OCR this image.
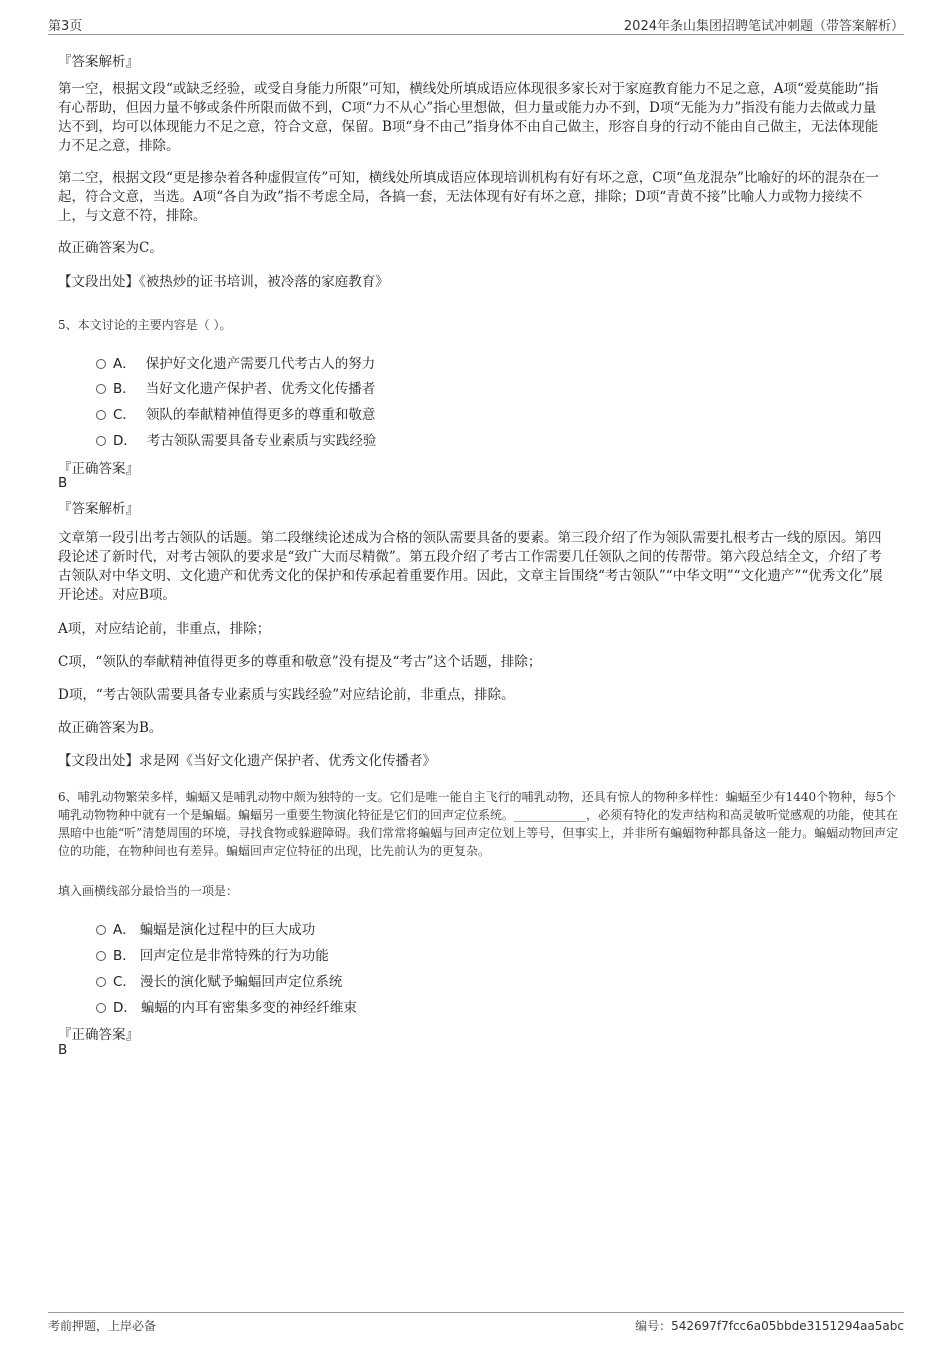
第3页	2024年条山集团招聘笔试冲刺题（带答案解析）
『答案解析』

第一空，根据文段“或缺乏经验，或受自身能力所限”可知，横线处所填成语应体现很多家长对于家庭教育能力不足之意，A项“爱莫能助”指有心帮助，但因力量不够或条件所限而做不到，C项“力不从心”指心里想做，但力量或能力办不到，D项“无能为力”指没有能力去做或力量达不到，均可以体现能力不足之意，符合文意，保留。B项“身不由己”指身体不由自己做主，形容自身的行动不能由自己做主，无法体现能力不足之意，排除。

第二空，根据文段“更是掺杂着各种虚假宣传”可知，横线处所填成语应体现培训机构有好有坏之意，C项“鱼龙混杂”比喻好的坏的混杂在一起，符合文意，当选。A项“各自为政”指不考虑全局，各搞一套，无法体现有好有坏之意，排除；D项“青黄不接”比喻人力或物力接续不上，与文意不符，排除。

故正确答案为C。

【文段出处】《被热炒的证书培训，被冷落的家庭教育》

5、本文讨论的主要内容是（ ）。

A． 保护好文化遗产需要几代考古人的努力
B． 当好文化遗产保护者、优秀文化传播者
C． 领队的奉献精神值得更多的尊重和敬意
D． 考古领队需要具备专业素质与实践经验
『正确答案』
B
『答案解析』

文章第一段引出考古领队的话题。第二段继续论述成为合格的领队需要具备的要素。第三段介绍了作为领队需要扎根考古一线的原因。第四段论述了新时代，对考古领队的要求是“致广大而尽精微”。第五段介绍了考古工作需要几任领队之间的传帮带。第六段总结全文，介绍了考古领队对中华文明、文化遗产和优秀文化的保护和传承起着重要作用。因此，文章主旨围绕“考古领队”“中华文明”“文化遗产”“优秀文化”展开论述。对应B项。

A项，对应结论前，非重点，排除；

C项，“领队的奉献精神值得更多的尊重和敬意”没有提及“考古”这个话题，排除；

D项，“考古领队需要具备专业素质与实践经验”对应结论前，非重点，排除。

故正确答案为B。

【文段出处】求是网《当好文化遗产保护者、优秀文化传播者》

6、哺乳动物繁荣多样，蝙蝠又是哺乳动物中颇为独特的一支。它们是唯一能自主飞行的哺乳动物，还具有惊人的物种多样性：蝙蝠至少有1440个物种，每5个哺乳动物物种中就有一个是蝙蝠。蝙蝠另一重要生物演化特征是它们的回声定位系统。____________，必须有特化的发声结构和高灵敏听觉感观的功能，使其在黑暗中也能“听”清楚周围的环境，寻找食物或躲避障碍。我们常常将蝙蝠与回声定位划上等号，但事实上，并非所有蝙蝠物种都具备这一能力。蝙蝠动物回声定位的功能，在物种间也有差异。蝙蝠回声定位特征的出现，比先前认为的更复杂。

填入画横线部分最恰当的一项是：

A． 蝙蝠是演化过程中的巨大成功
B． 回声定位是非常特殊的行为功能
C． 漫长的演化赋予蝙蝠回声定位系统
D． 蝙蝠的内耳有密集多变的神经纤维束
『正确答案』
B
考前押题，上岸必备	编号：542697f7fcc6a05bbde3151294aa5abc
